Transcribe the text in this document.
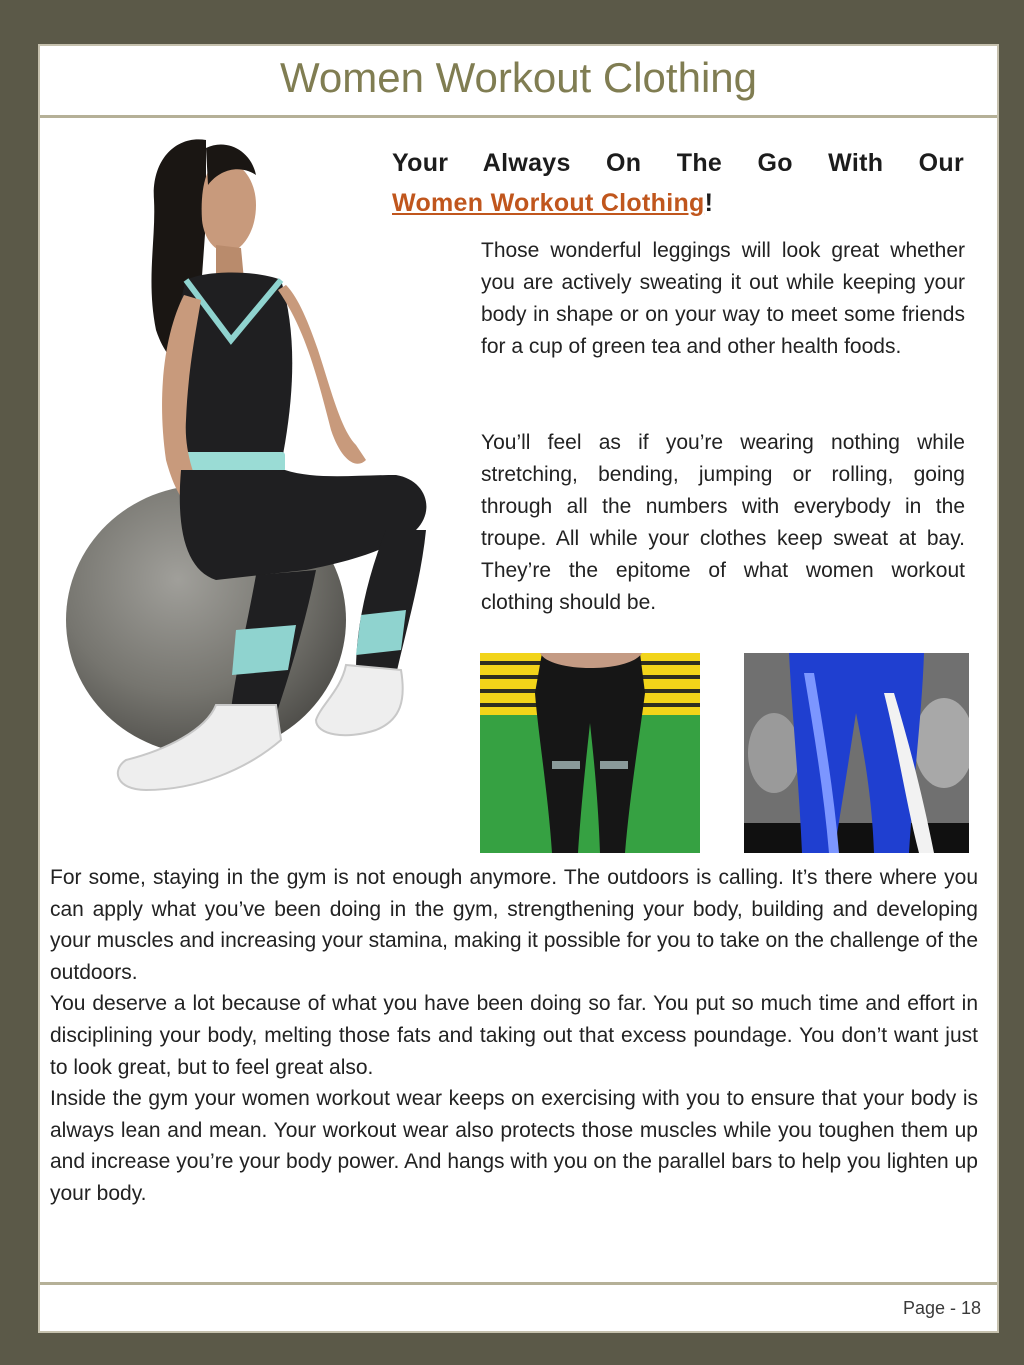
Women Workout Clothing
Page - 18
Your Always On The Go With Our
Women Workout Clothing!
Those wonderful leggings will look great whether you are actively sweating it out while keeping your body in shape or on your way to meet some friends for a cup of green tea and other health foods.
You’ll feel as if you’re wearing nothing while stretching, bending, jumping or rolling, going through all the numbers with everybody in the troupe. All while your clothes keep sweat at bay. They’re the epitome of what women workout clothing should be.

For some, staying in the gym is not enough anymore. The outdoors is calling. It’s there where you can apply what you’ve been doing in the gym, strengthening your body, building and developing your muscles and increasing your stamina, making it possible for you to take on the challenge of the outdoors.

You deserve a lot because of what you have been doing so far. You put so much time and effort in disciplining your body, melting those fats and taking out that excess poundage. You don’t want just to look great, but to feel great also.

Inside the gym your women workout wear keeps on exercising with you to ensure that your body is always lean and mean. Your workout wear also protects those muscles while you toughen them up and increase you’re your body power. And hangs with you on the parallel bars to help you lighten up your body.
